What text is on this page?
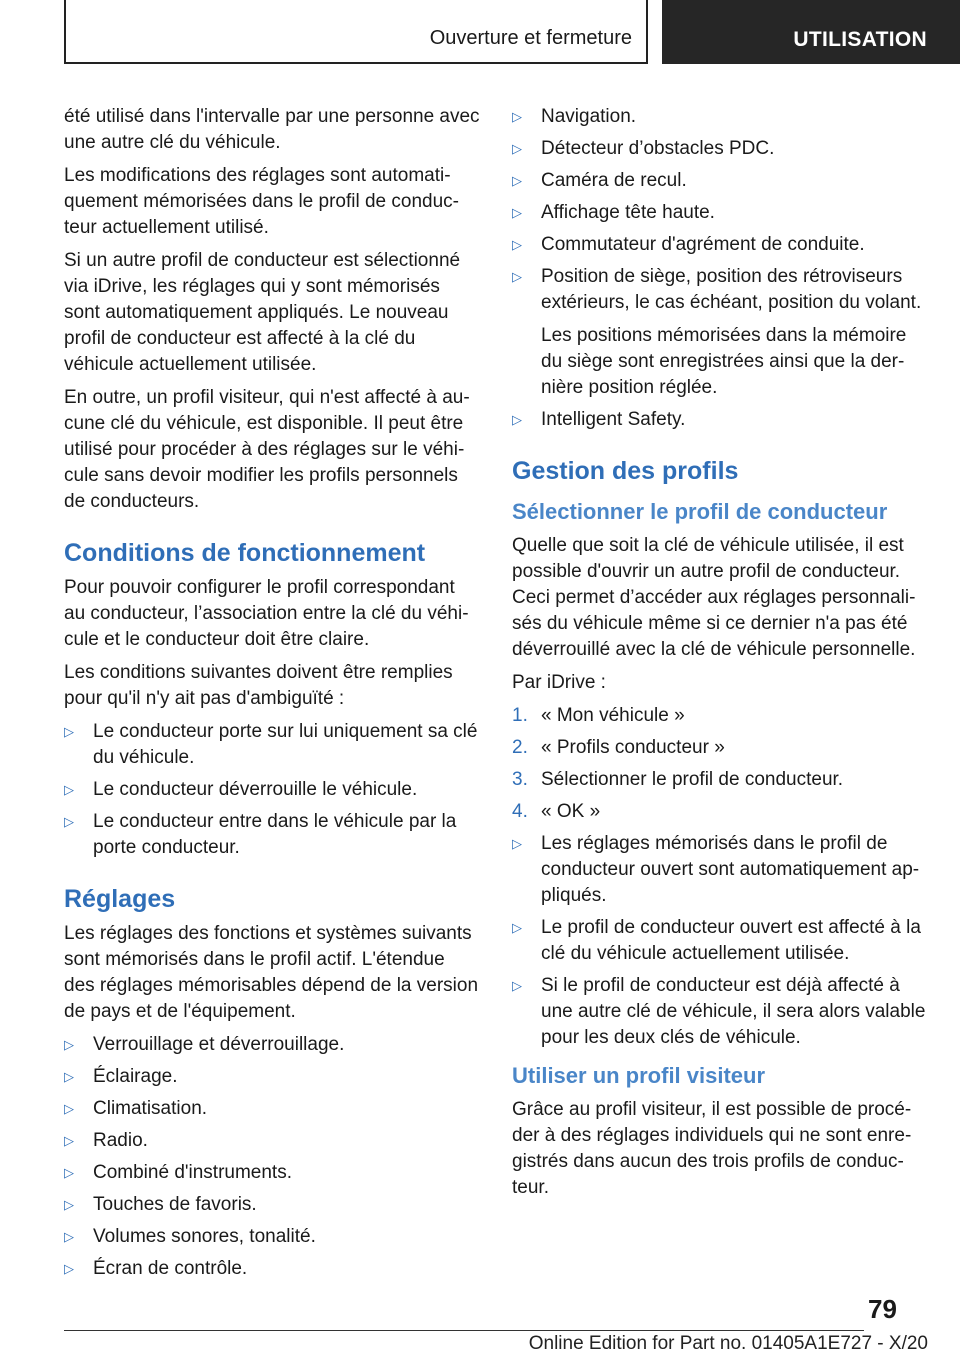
Ouverture et fermeture	UTILISATION

été utilisé dans l'intervalle par une personne avec une autre clé du véhicule.

Les modifications des réglages sont automatiquement mémorisées dans le profil de conducteur actuellement utilisé.

Si un autre profil de conducteur est sélectionné via iDrive, les réglages qui y sont mémorisés sont automatiquement appliqués. Le nouveau profil de conducteur est affecté à la clé du véhicule actuellement utilisée.

En outre, un profil visiteur, qui n'est affecté à aucune clé du véhicule, est disponible. Il peut être utilisé pour procéder à des réglages sur le véhicule sans devoir modifier les profils personnels de conducteurs.

Conditions de fonctionnement

Pour pouvoir configurer le profil correspondant au conducteur, l’association entre la clé du véhicule et le conducteur doit être claire.

Les conditions suivantes doivent être remplies pour qu'il n'y ait pas d'ambiguïté :

▷ Le conducteur porte sur lui uniquement sa clé du véhicule.
▷ Le conducteur déverrouille le véhicule.
▷ Le conducteur entre dans le véhicule par la porte conducteur.
Réglages

Les réglages des fonctions et systèmes suivants sont mémorisés dans le profil actif. L'étendue des réglages mémorisables dépend de la version de pays et de l'équipement.

▷ Verrouillage et déverrouillage.
▷ Éclairage.
▷ Climatisation.
▷ Radio.
▷ Combiné d'instruments.
▷ Touches de favoris.
▷ Volumes sonores, tonalité.
▷ Écran de contrôle.
▷ Navigation.
▷ Détecteur d’obstacles PDC.
▷ Caméra de recul.
▷ Affichage tête haute.
▷ Commutateur d'agrément de conduite.
▷ Position de siège, position des rétroviseurs extérieurs, le cas échéant, position du volant.
Les positions mémorisées dans la mémoire du siège sont enregistrées ainsi que la dernière position réglée.
▷ Intelligent Safety.
Gestion des profils
Sélectionner le profil de conducteur

Quelle que soit la clé de véhicule utilisée, il est possible d'ouvrir un autre profil de conducteur. Ceci permet d’accéder aux réglages personnalisés du véhicule même si ce dernier n'a pas été déverrouillé avec la clé de véhicule personnelle.

Par iDrive :

1. « Mon véhicule »
2. « Profils conducteur »
3. Sélectionner le profil de conducteur.
4. « OK »
▷ Les réglages mémorisés dans le profil de conducteur ouvert sont automatiquement appliqués.
▷ Le profil de conducteur ouvert est affecté à la clé du véhicule actuellement utilisée.
▷ Si le profil de conducteur est déjà affecté à une autre clé de véhicule, il sera alors valable pour les deux clés de véhicule.
Utiliser un profil visiteur

Grâce au profil visiteur, il est possible de procéder à des réglages individuels qui ne sont enregistrés dans aucun des trois profils de conducteur.

79
Online Edition for Part no. 01405A1E727 - X/20
